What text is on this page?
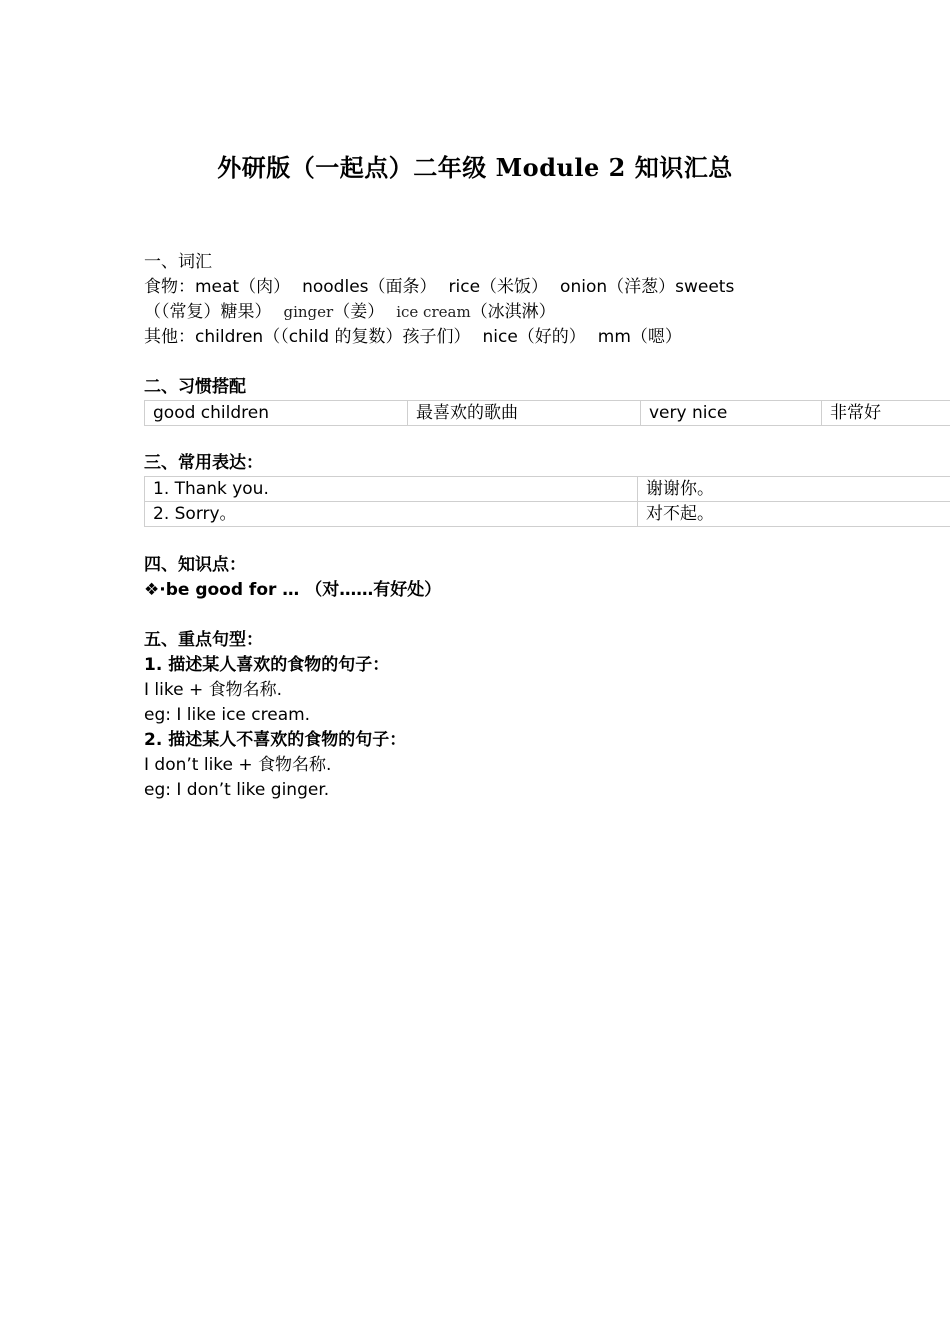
外研版（一起点）二年级 Module 2 知识汇总
一、词汇
食物：meat（肉） noodles（面条） rice（米饭） onion（洋葱）sweets
（（常复）糖果） ginger（姜） ice cream（冰淇淋）
其他：children（（child 的复数）孩子们） nice（好的） mm（嗯）
二、习惯搭配
good children	最喜欢的歌曲	very nice	非常好
三、常用表达：
1. Thank you.	谢谢你。
2. Sorry。	对不起。
四、知识点：
❖·be good for … （对……有好处）
五、重点句型：
1. 描述某人喜欢的食物的句子：
I like + 食物名称.
eg: I like ice cream.
2. 描述某人不喜欢的食物的句子：
I don’t like + 食物名称.
eg: I don’t like ginger.
